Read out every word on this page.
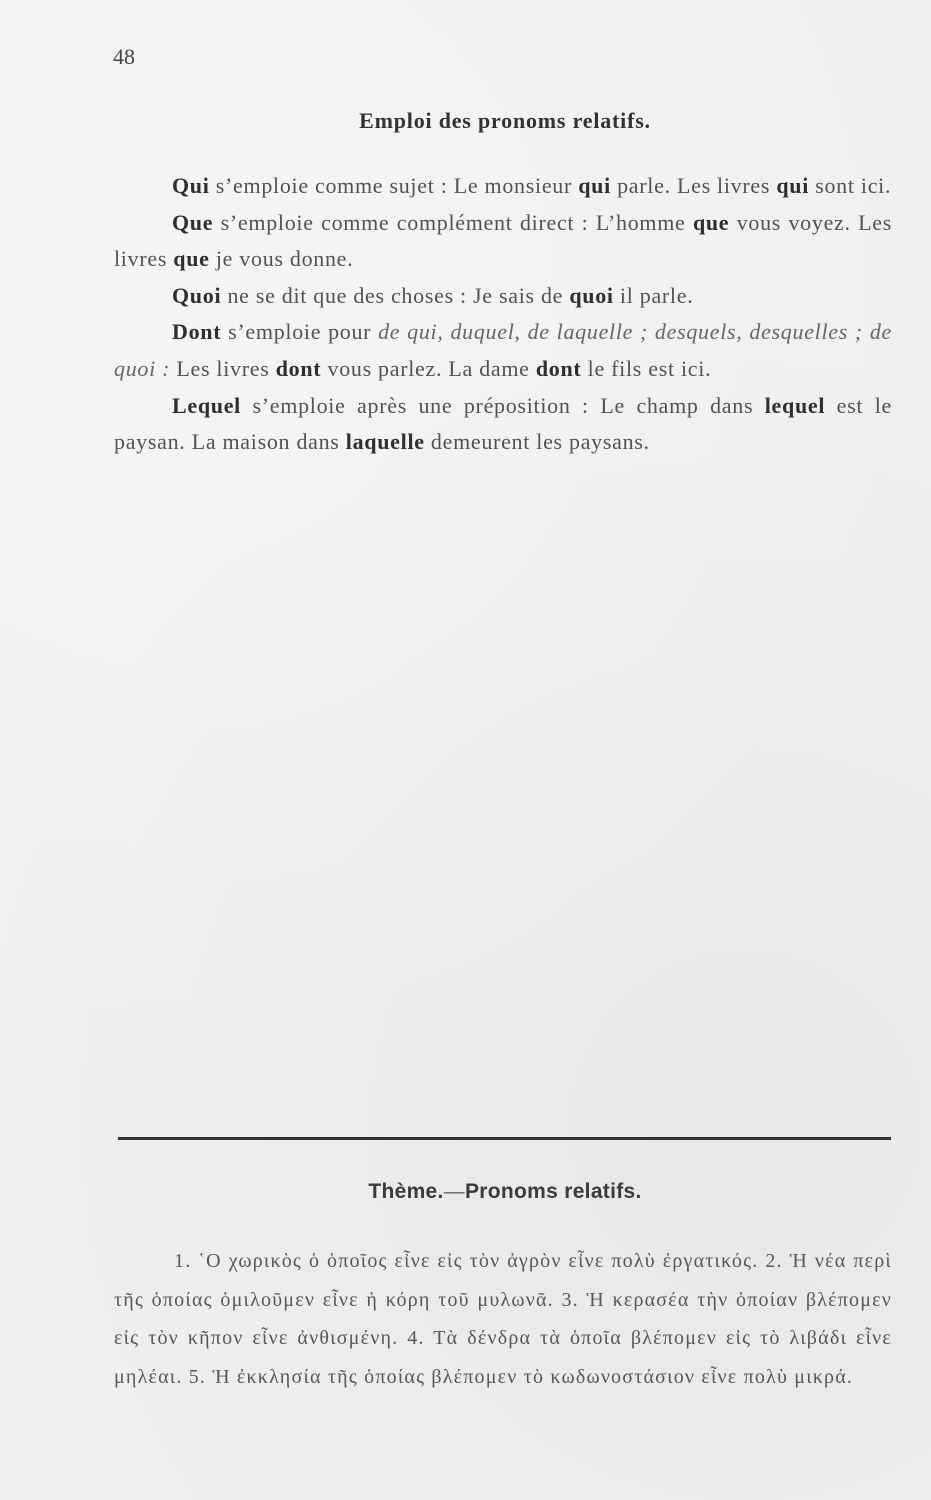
48
Emploi des pronoms relatifs.

Qui s’emploie comme sujet : Le monsieur qui parle. Les livres qui sont ici.

Que s’emploie comme complément direct : L’homme que vous voyez. Les livres que je vous donne.

Quoi ne se dit que des choses : Je sais de quoi il parle.

Dont s’emploie pour de qui, duquel, de laquelle ; desquels, desquelles ; de quoi : Les livres dont vous parlez. La dame dont le fils est ici.

Lequel s’emploie après une préposition : Le champ dans lequel est le paysan. La maison dans laquelle demeurent les paysans.

Thème.—Pronoms relatifs.

1. ῾Ο χωρικὸς ὁ ὁποῖος εἶνε εἰς τὸν ἀγρὸν εἶνε πολὺ ἐργατικός. 2. Ἡ νέα περὶ τῆς ὁποίας ὁμιλοῦμεν εἶνε ἡ κόρη τοῦ μυλωνᾶ. 3. Ἡ κερασέα τὴν ὁποίαν βλέπομεν εἰς τὸν κῆπον εἶνε ἀνθισμένη. 4. Τὰ δένδρα τὰ ὁποῖα βλέπομεν εἰς τὸ λιβάδι εἶνε μηλέαι. 5. Ἡ ἐκκλησία τῆς ὁποίας βλέπομεν τὸ κωδωνοστάσιον εἶνε πολὺ μικρά.
